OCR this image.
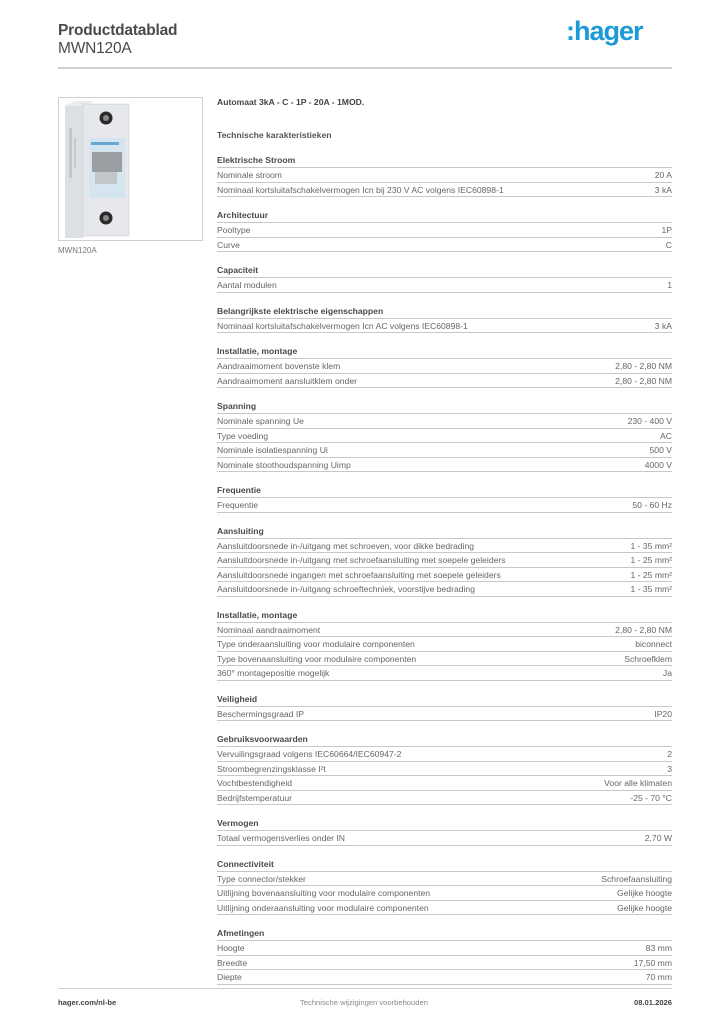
Productdatablad
MWN120A
:hager
MWN120A
Automaat 3kA - C - 1P - 20A - 1MOD.
Technische karakteristieken
Elektrische Stroom
Nominale stroom	20 A
Nominaal kortsluitafschakelvermogen Icn bij 230 V AC volgens IEC60898-1	3 kA
Architectuur
Pooltype	1P
Curve	C
Capaciteit
Aantal modulen	1
Belangrijkste elektrische eigenschappen
Nominaal kortsluitafschakelvermogen Icn AC volgens IEC60898-1	3 kA
Installatie, montage
Aandraaimoment bovenste klem	2,80 - 2,80 NM
Aandraaimoment aansluitklem onder	2,80 - 2,80 NM
Spanning
Nominale spanning Ue	230 - 400 V
Type voeding	AC
Nominale isolatiespanning Ui	500 V
Nominale stoothoudspanning Uimp	4000 V
Frequentie
Frequentie	50 - 60 Hz
Aansluiting
Aansluitdoorsnede in-/uitgang met schroeven, voor dikke bedrading	1 - 35 mm²
Aansluitdoorsnede in-/uitgang met schroefaansluiting met soepele geleiders	1 - 25 mm²
Aansluitdoorsnede ingangen met schroefaansluiting met soepele geleiders	1 - 25 mm²
Aansluitdoorsnede in-/uitgang schroeftechniek, voorstijve bedrading	1 - 35 mm²
Installatie, montage
Nominaal aandraaimoment	2,80 - 2,80 NM
Type onderaansluiting voor modulaire componenten	biconnect
Type bovenaansluiting voor modulaire componenten	Schroefklem
360° montagepositie mogelijk	Ja
Veiligheid
Beschermingsgraad IP	IP20
Gebruiksvoorwaarden
Vervuilingsgraad volgens IEC60664/IEC60947-2	2
Stroombegrenzingsklasse I²t	3
Vochtbestendigheid	Voor alle klimaten
Bedrijfstemperatuur	-25 - 70 °C
Vermogen
Totaal vermogensverlies onder IN	2,70 W
Connectiviteit
Type connector/stekker	Schroefaansluiting
Uitlijning bovenaansluiting voor modulaire componenten	Gelijke hoogte
Uitlijning onderaansluiting voor modulaire componenten	Gelijke hoogte
Afmetingen
Hoogte	83 mm
Breedte	17,50 mm
Diepte	70 mm
hager.com/nl-be	Technische wijzigingen voorbehouden	08.01.2026
